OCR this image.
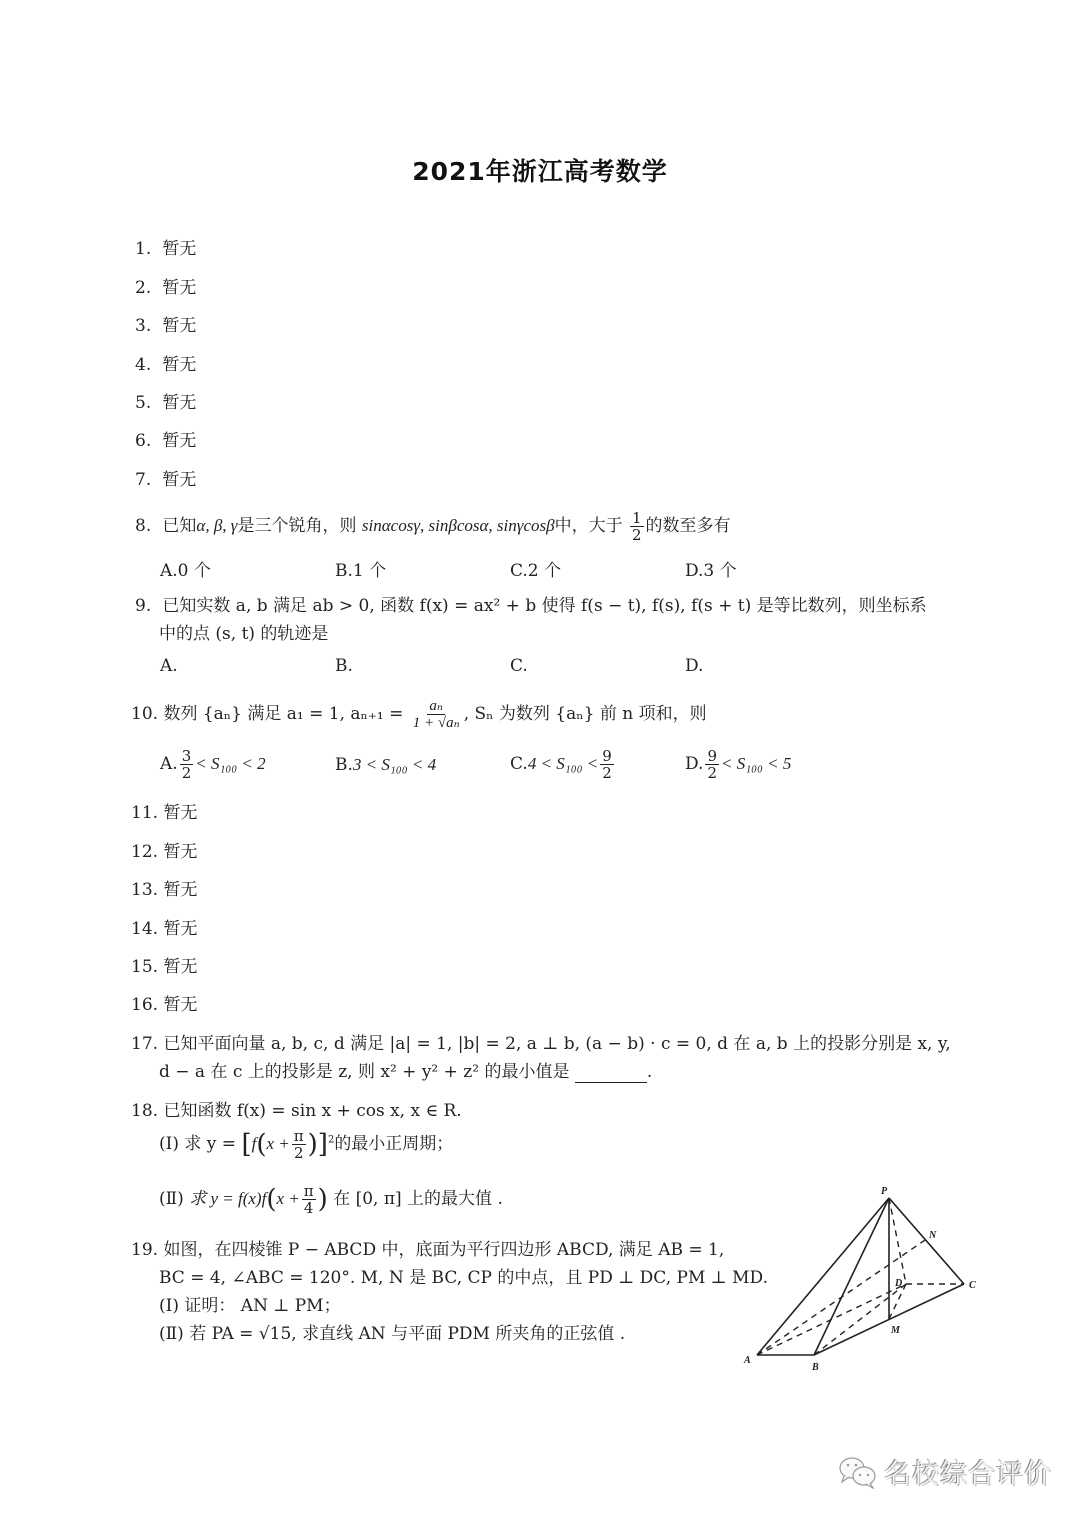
2021年浙江高考数学
1. 暂无
2. 暂无
3. 暂无
4. 暂无
5. 暂无
6. 暂无
7. 暂无
8. 已知α, β, γ是三个锐角，则 sinαcosγ, sinβcosα, sinγcosβ中，大于 $\frac{1}{2}$ 的数至多有
A.0 个	B.1 个	C.2 个	D.3 个
9. 已知实数 a, b 满足 ab > 0, 函数 f(x) = ax² + b 使得 f(s − t), f(s), f(s + t) 是等比数列，则坐标系
中的点 (s, t) 的轨迹是
A.	B.	C.	D.
10. 数列 {aₙ} 满足 a₁ = 1, $a_{n+1} = \frac{\text{aₙ}}{\text{1 + √aₙ}}$ , Sₙ 为数列 {aₙ} 前 n 项和，则
A. $\frac{3}{2} < S_{100} < 2$	B.3 < S₁₀₀ < 4	$C.4 < S_{100} < \frac{9}{2}$	D. $\frac{9}{2} < S_{100} < 5$
11. 暂无
12. 暂无
13. 暂无
14. 暂无
15. 暂无
16. 暂无
17. 已知平面向量 a, b, c, d 满足 |a| = 1, |b| = 2, a ⊥ b, (a − b) · c = 0, d 在 a, b 上的投影分别是 x, y,
d − a 在 c 上的投影是 z, 则 x² + y² + z² 的最小值是	.
18. 已知函数 f(x) = sin x + cos x, x ∈ R.
(Ⅰ) 求 $y = [f(x + \frac{\pi}{2} )]^2$的最小正周期；
(Ⅱ) 求 $y = f(x)f(x + \frac{\pi}{4}$ ) 在 [0, π] 上的最大值 .
19. 如图，在四棱锥 P − ABCD 中，底面为平行四边形 ABCD, 满足 AB = 1,
BC = 4, ∠ABC = 120°. M, N 是 BC, CP 的中点，且 PD ⊥ DC, PM ⊥ MD.
(Ⅰ) 证明： AN ⊥ PM；
(Ⅱ) 若 PA = √15, 求直线 AN 与平面 PDM 所夹角的正弦值 .
P
N
D	C
M
A
B
名校综合评价
